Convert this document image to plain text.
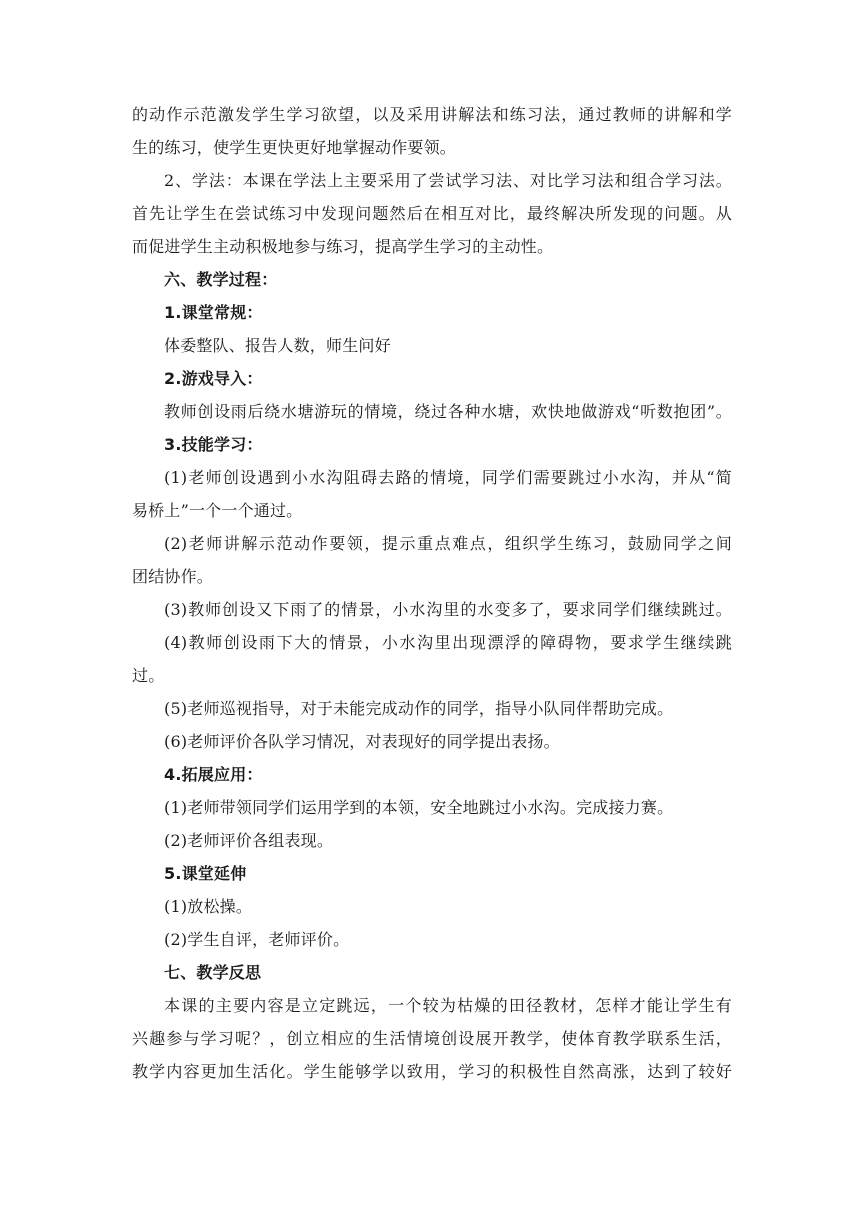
的动作示范激发学生学习欲望，以及采用讲解法和练习法，通过教师的讲解和学
生的练习，使学生更快更好地掌握动作要领。
2、学法：本课在学法上主要采用了尝试学习法、对比学习法和组合学习法。
首先让学生在尝试练习中发现问题然后在相互对比，最终解决所发现的问题。从
而促进学生主动积极地参与练习，提高学生学习的主动性。
六、教学过程：
1.课堂常规：
体委整队、报告人数，师生问好
2.游戏导入：
教师创设雨后绕水塘游玩的情境，绕过各种水塘，欢快地做游戏“听数抱团”。
3.技能学习：
(1)老师创设遇到小水沟阻碍去路的情境，同学们需要跳过小水沟，并从“简
易桥上”一个一个通过。
(2)老师讲解示范动作要领，提示重点难点，组织学生练习，鼓励同学之间
团结协作。
(3)教师创设又下雨了的情景，小水沟里的水变多了，要求同学们继续跳过。
(4)教师创设雨下大的情景，小水沟里出现漂浮的障碍物，要求学生继续跳
过。
(5)老师巡视指导，对于未能完成动作的同学，指导小队同伴帮助完成。
(6)老师评价各队学习情况，对表现好的同学提出表扬。
4.拓展应用：
(1)老师带领同学们运用学到的本领，安全地跳过小水沟。完成接力赛。
(2)老师评价各组表现。
5.课堂延伸
(1)放松操。
(2)学生自评，老师评价。
七、教学反思
本课的主要内容是立定跳远，一个较为枯燥的田径教材，怎样才能让学生有
兴趣参与学习呢？，创立相应的生活情境创设展开教学，使体育教学联系生活，
教学内容更加生活化。学生能够学以致用，学习的积极性自然高涨，达到了较好
